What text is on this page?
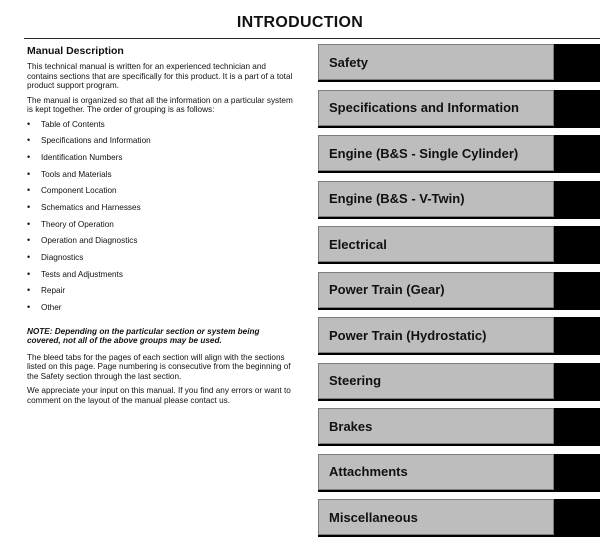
INTRODUCTION
Manual Description

This technical manual is written for an experienced technician and contains sections that are specifically for this product. It is a part of a total product support program.

The manual is organized so that all the information on a particular system is kept together. The order of grouping is as follows:

• Table of Contents
• Specifications and Information
• Identification Numbers
• Tools and Materials
• Component Location
• Schematics and Harnesses
• Theory of Operation
• Operation and Diagnostics
• Diagnostics
• Tests and Adjustments
• Repair
• Other

NOTE: Depending on the particular section or system being covered, not all of the above groups may be used.

The bleed tabs for the pages of each section will align with the sections listed on this page. Page numbering is consecutive from the beginning of the Safety section through the last section.

We appreciate your input on this manual. If you find any errors or want to comment on the layout of the manual please contact us.

Safety
Specifications and Information
Engine (B&S - Single Cylinder)
Engine (B&S - V-Twin)
Electrical
Power Train (Gear)
Power Train (Hydrostatic)
Steering
Brakes
Attachments
Miscellaneous
